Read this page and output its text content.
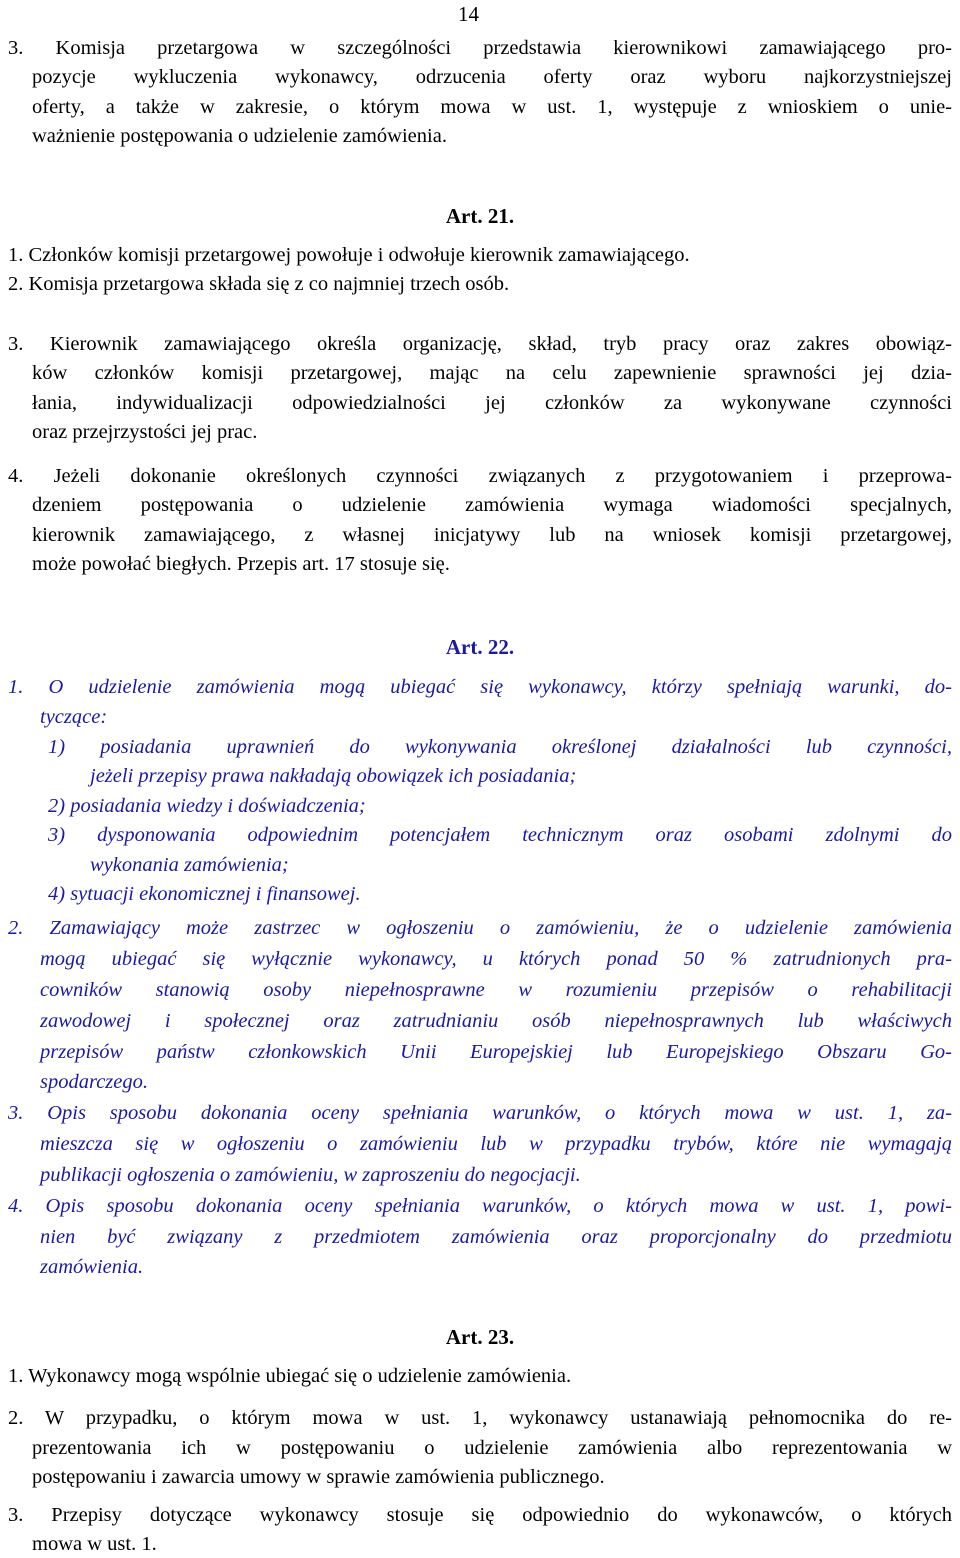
14
3. Komisja przetargowa w szczególności przedstawia kierownikowi zamawiającego pro-
pozycje wykluczenia wykonawcy, odrzucenia oferty oraz wyboru najkorzystniejszej
oferty, a także w zakresie, o którym mowa w ust. 1, występuje z wnioskiem o unie-
ważnienie postępowania o udzielenie zamówienia.
Art. 21.
1. Członków komisji przetargowej powołuje i odwołuje kierownik zamawiającego.
2. Komisja przetargowa składa się z co najmniej trzech osób.
3. Kierownik zamawiającego określa organizację, skład, tryb pracy oraz zakres obowiąz-
ków członków komisji przetargowej, mając na celu zapewnienie sprawności jej dzia-
łania, indywidualizacji odpowiedzialności jej członków za wykonywane czynności
oraz przejrzystości jej prac.
4. Jeżeli dokonanie określonych czynności związanych z przygotowaniem i przeprowa-
dzeniem postępowania o udzielenie zamówienia wymaga wiadomości specjalnych,
kierownik zamawiającego, z własnej inicjatywy lub na wniosek komisji przetargowej,
może powołać biegłych. Przepis art. 17 stosuje się.
Art. 22.
1. O udzielenie zamówienia mogą ubiegać się wykonawcy, którzy spełniają warunki, do-
tyczące:
1) posiadania uprawnień do wykonywania określonej działalności lub czynności,
jeżeli przepisy prawa nakładają obowiązek ich posiadania;
2) posiadania wiedzy i doświadczenia;
3) dysponowania odpowiednim potencjałem technicznym oraz osobami zdolnymi do
wykonania zamówienia;
4) sytuacji ekonomicznej i finansowej.
2. Zamawiający może zastrzec w ogłoszeniu o zamówieniu, że o udzielenie zamówienia
mogą ubiegać się wyłącznie wykonawcy, u których ponad 50 % zatrudnionych pra-
cowników stanowią osoby niepełnosprawne w rozumieniu przepisów o rehabilitacji
zawodowej i społecznej oraz zatrudnianiu osób niepełnosprawnych lub właściwych
przepisów państw członkowskich Unii Europejskiej lub Europejskiego Obszaru Go-
spodarczego.
3. Opis sposobu dokonania oceny spełniania warunków, o których mowa w ust. 1, za-
mieszcza się w ogłoszeniu o zamówieniu lub w przypadku trybów, które nie wymagają
publikacji ogłoszenia o zamówieniu, w zaproszeniu do negocjacji.
4. Opis sposobu dokonania oceny spełniania warunków, o których mowa w ust. 1, powi-
nien być związany z przedmiotem zamówienia oraz proporcjonalny do przedmiotu
zamówienia.
Art. 23.
1. Wykonawcy mogą wspólnie ubiegać się o udzielenie zamówienia.
2. W przypadku, o którym mowa w ust. 1, wykonawcy ustanawiają pełnomocnika do re-
prezentowania ich w postępowaniu o udzielenie zamówienia albo reprezentowania w
postępowaniu i zawarcia umowy w sprawie zamówienia publicznego.
3. Przepisy dotyczące wykonawcy stosuje się odpowiednio do wykonawców, o których
mowa w ust. 1.
